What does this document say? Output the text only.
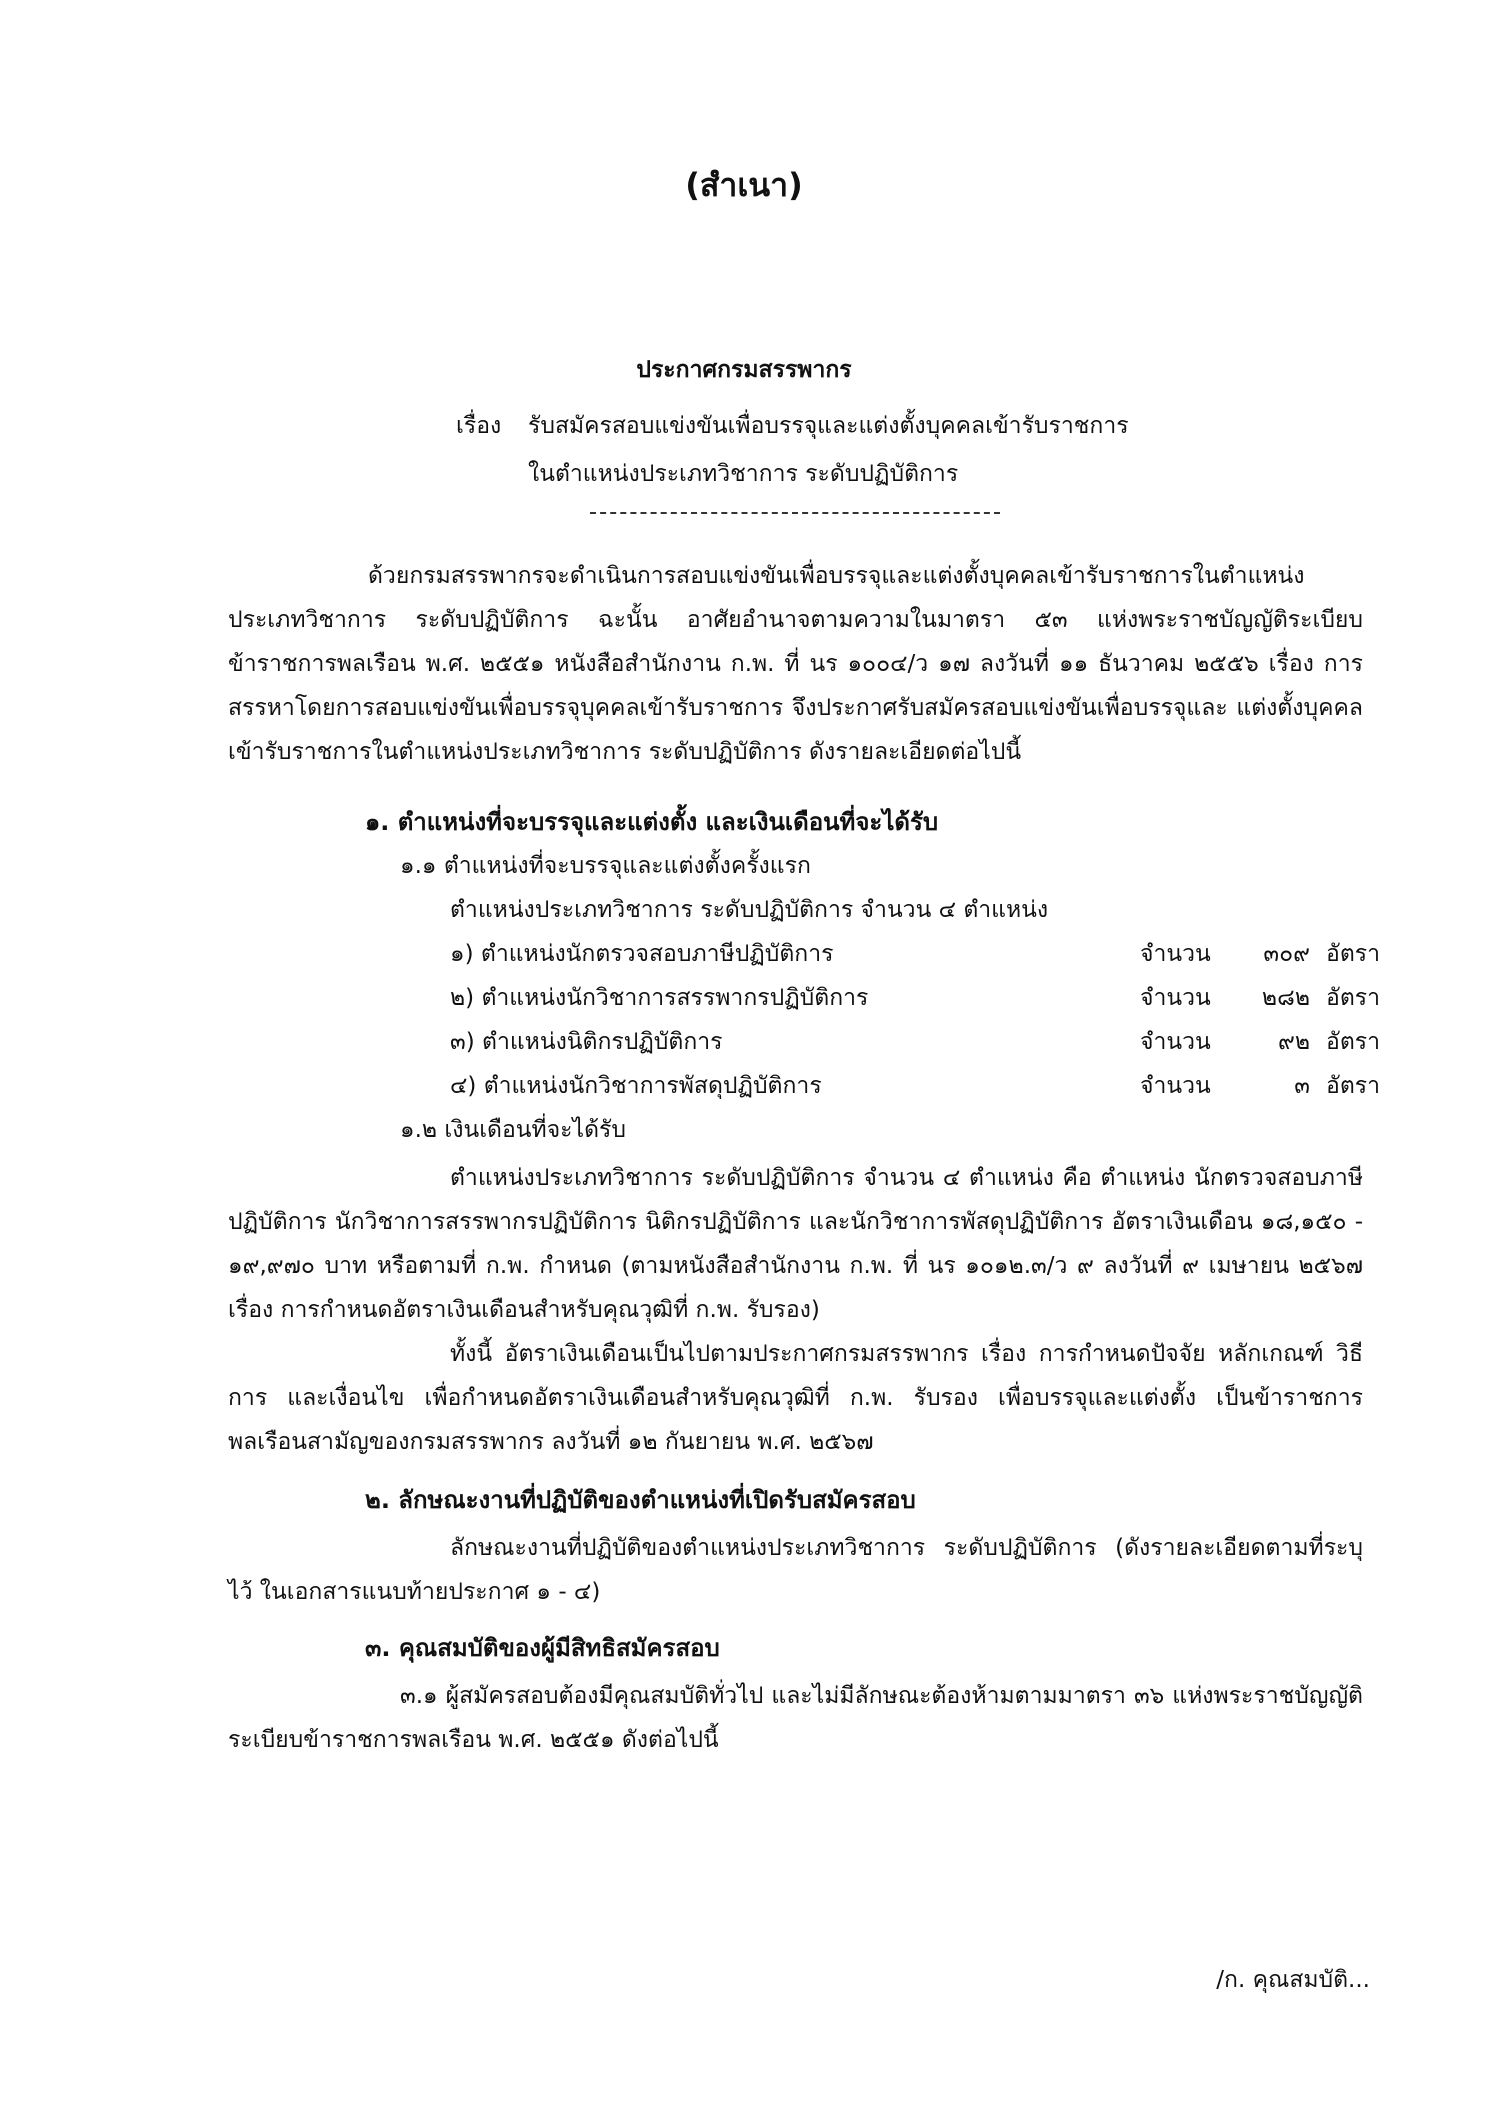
(สำเนา)
ประกาศกรมสรรพากร
เรื่อง รับสมัครสอบแข่งขันเพื่อบรรจุและแต่งตั้งบุคคลเข้ารับราชการ
ในตำแหน่งประเภทวิชาการ ระดับปฏิบัติการ
ด้วยกรมสรรพากรจะดำเนินการสอบแข่งขันเพื่อบรรจุและแต่งตั้งบุคคลเข้ารับราชการในตำแหน่ง ประเภทวิชาการ ระดับปฏิบัติการ ฉะนั้น อาศัยอำนาจตามความในมาตรา ๕๓ แห่งพระราชบัญญัติระเบียบ ข้าราชการพลเรือน พ.ศ. ๒๕๕๑ หนังสือสำนักงาน ก.พ. ที่ นร ๑๐๐๔/ว ๑๗ ลงวันที่ ๑๑ ธันวาคม ๒๕๕๖ เรื่อง การสรรหาโดยการสอบแข่งขันเพื่อบรรจุบุคคลเข้ารับราชการ จึงประกาศรับสมัครสอบแข่งขันเพื่อบรรจุและ แต่งตั้งบุคคลเข้ารับราชการในตำแหน่งประเภทวิชาการ ระดับปฏิบัติการ ดังรายละเอียดต่อไปนี้
๑. ตำแหน่งที่จะบรรจุและแต่งตั้ง และเงินเดือนที่จะได้รับ
๑.๑ ตำแหน่งที่จะบรรจุและแต่งตั้งครั้งแรก
ตำแหน่งประเภทวิชาการ ระดับปฏิบัติการ จำนวน ๔ ตำแหน่ง
๑) ตำแหน่งนักตรวจสอบภาษีปฏิบัติการ	จำนวน	๓๐๙ อัตรา
๒) ตำแหน่งนักวิชาการสรรพากรปฏิบัติการ	จำนวน	๒๘๒ อัตรา
๓) ตำแหน่งนิติกรปฏิบัติการ	จำนวน	๙๒ อัตรา
๔) ตำแหน่งนักวิชาการพัสดุปฏิบัติการ	จำนวน	๓ อัตรา
๑.๒ เงินเดือนที่จะได้รับ
ตำแหน่งประเภทวิชาการ ระดับปฏิบัติการ จำนวน ๔ ตำแหน่ง คือ ตำแหน่ง นักตรวจสอบภาษีปฏิบัติการ นักวิชาการสรรพากรปฏิบัติการ นิติกรปฏิบัติการ และนักวิชาการพัสดุปฏิบัติการ อัตราเงินเดือน ๑๘,๑๕๐ - ๑๙,๙๗๐ บาท หรือตามที่ ก.พ. กำหนด (ตามหนังสือสำนักงาน ก.พ. ที่ นร ๑๐๑๒.๓/ว ๙ ลงวันที่ ๙ เมษายน ๒๕๖๗ เรื่อง การกำหนดอัตราเงินเดือนสำหรับคุณวุฒิที่ ก.พ. รับรอง)
ทั้งนี้ อัตราเงินเดือนเป็นไปตามประกาศกรมสรรพากร เรื่อง การกำหนดปัจจัย หลักเกณฑ์ วิธีการ และเงื่อนไข เพื่อกำหนดอัตราเงินเดือนสำหรับคุณวุฒิที่ ก.พ. รับรอง เพื่อบรรจุและแต่งตั้ง เป็นข้าราชการพลเรือนสามัญของกรมสรรพากร ลงวันที่ ๑๒ กันยายน พ.ศ. ๒๕๖๗
๒. ลักษณะงานที่ปฏิบัติของตำแหน่งที่เปิดรับสมัครสอบ
ลักษณะงานที่ปฏิบัติของตำแหน่งประเภทวิชาการ ระดับปฏิบัติการ (ดังรายละเอียดตามที่ระบุไว้ ในเอกสารแนบท้ายประกาศ ๑ - ๔)
๓. คุณสมบัติของผู้มีสิทธิสมัครสอบ
๓.๑ ผู้สมัครสอบต้องมีคุณสมบัติทั่วไป และไม่มีลักษณะต้องห้ามตามมาตรา ๓๖ แห่งพระราชบัญญัติระเบียบข้าราชการพลเรือน พ.ศ. ๒๕๕๑ ดังต่อไปนี้
/ก. คุณสมบัติ...
